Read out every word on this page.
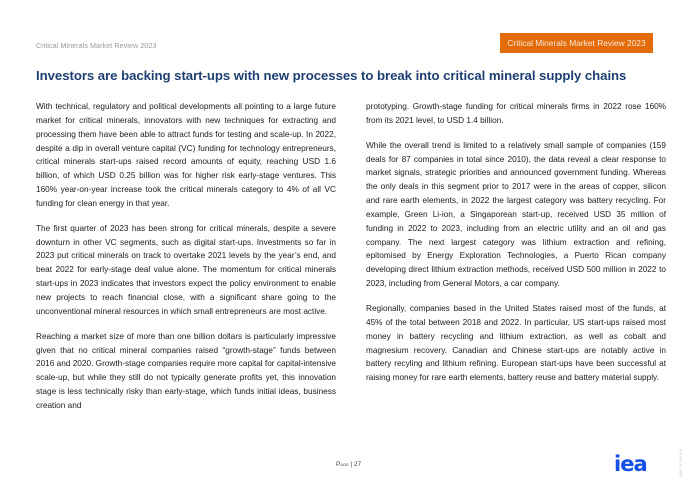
Critical Minerals Market Review 2023	Critical Minerals Market Review 2023
Investors are backing start-ups with new processes to break into critical mineral supply chains

With technical, regulatory and political developments all pointing to a large future market for critical minerals, innovators with new techniques for extracting and processing them have been able to attract funds for testing and scale-up. In 2022, despite a dip in overall venture capital (VC) funding for technology entrepreneurs, critical minerals start-ups raised record amounts of equity, reaching USD 1.6 billion, of which USD 0.25 billion was for higher risk early-stage ventures. This 160% year-on-year increase took the critical minerals category to 4% of all VC funding for clean energy in that year.

The first quarter of 2023 has been strong for critical minerals, despite a severe downturn in other VC segments, such as digital start-ups. Investments so far in 2023 put critical minerals on track to overtake 2021 levels by the year’s end, and beat 2022 for early-stage deal value alone. The momentum for critical minerals start-ups in 2023 indicates that investors expect the policy environment to enable new projects to reach financial close, with a significant share going to the unconventional mineral resources in which small entrepreneurs are most active.

Reaching a market size of more than one billion dollars is particularly impressive given that no critical mineral companies raised “growth-stage” funds between 2016 and 2020. Growth-stage companies require more capital for capital-intensive scale-up, but while they still do not typically generate profits yet, this innovation stage is less technically risky than early-stage, which funds initial ideas, business creation and

prototyping. Growth-stage funding for critical minerals firms in 2022 rose 160% from its 2021 level, to USD 1.4 billion.

While the overall trend is limited to a relatively small sample of companies (159 deals for 87 companies in total since 2010), the data reveal a clear response to market signals, strategic priorities and announced government funding. Whereas the only deals in this segment prior to 2017 were in the areas of copper, silicon and rare earth elements, in 2022 the largest category was battery recycling. For example, Green Li-ion, a Singaporean start-up, received USD 35 million of funding in 2022 to 2023, including from an electric utility and an oil and gas company. The next largest category was lithium extraction and refining, epitomised by Energy Exploration Technologies, a Puerto Rican company developing direct lithium extraction methods, received USD 500 million in 2022 to 2023, including from General Motors, a car company.

Regionally, companies based in the United States raised most of the funds, at 45% of the total between 2018 and 2022. In particular, US start-ups raised most money in battery recycling and lithium extraction, as well as cobalt and magnesium recovery. Canadian and Chinese start-ups are notably active in battery recyling and lithium refining. European start-ups have been successful at raising money for rare earth elements, battery reuse and battery material supply.

Page | 27	iea	IEA. CC BY 4.0.
